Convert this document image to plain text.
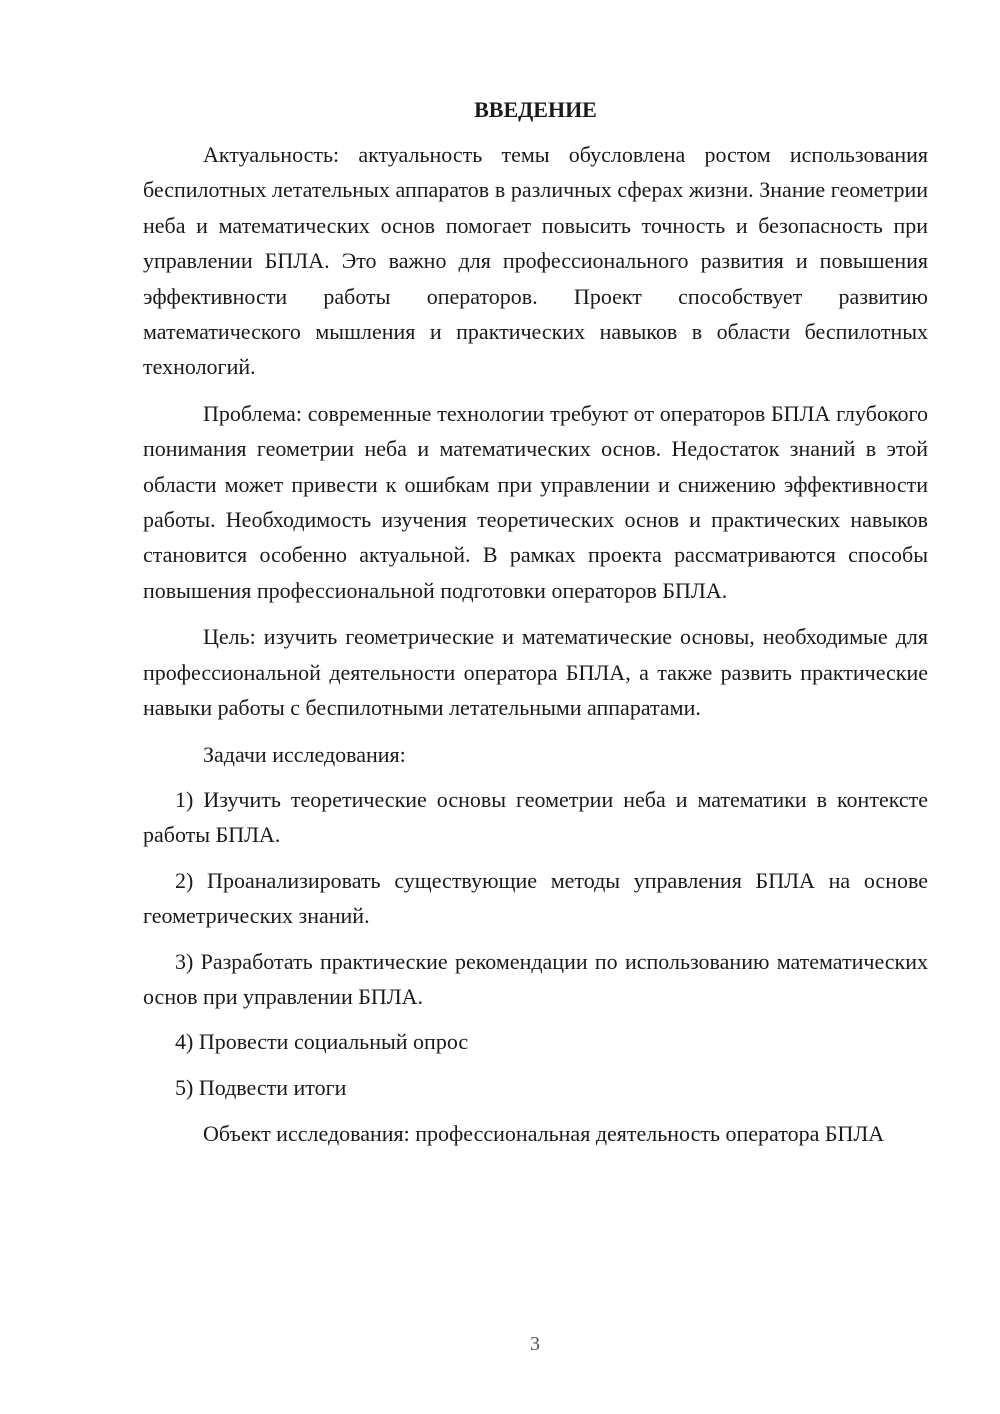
ВВЕДЕНИЕ

Актуальность: актуальность темы обусловлена ростом использования беспилотных летательных аппаратов в различных сферах жизни. Знание геометрии неба и математических основ помогает повысить точность и безопасность при управлении БПЛА. Это важно для профессионального развития и повышения эффективности работы операторов. Проект способствует развитию математического мышления и практических навыков в области беспилотных технологий.

Проблема: современные технологии требуют от операторов БПЛА глубокого понимания геометрии неба и математических основ. Недостаток знаний в этой области может привести к ошибкам при управлении и снижению эффективности работы. Необходимость изучения теоретических основ и практических навыков становится особенно актуальной. В рамках проекта рассматриваются способы повышения профессиональной подготовки операторов БПЛА.

Цель: изучить геометрические и математические основы, необходимые для профессиональной деятельности оператора БПЛА, а также развить практические навыки работы с беспилотными летательными аппаратами.

Задачи исследования:

1) Изучить теоретические основы геометрии неба и математики в контексте работы БПЛА.

2) Проанализировать существующие методы управления БПЛА на основе геометрических знаний.

3) Разработать практические рекомендации по использованию математических основ при управлении БПЛА.

4) Провести социальный опрос

5) Подвести итоги

Объект исследования: профессиональная деятельность оператора БПЛА

3
